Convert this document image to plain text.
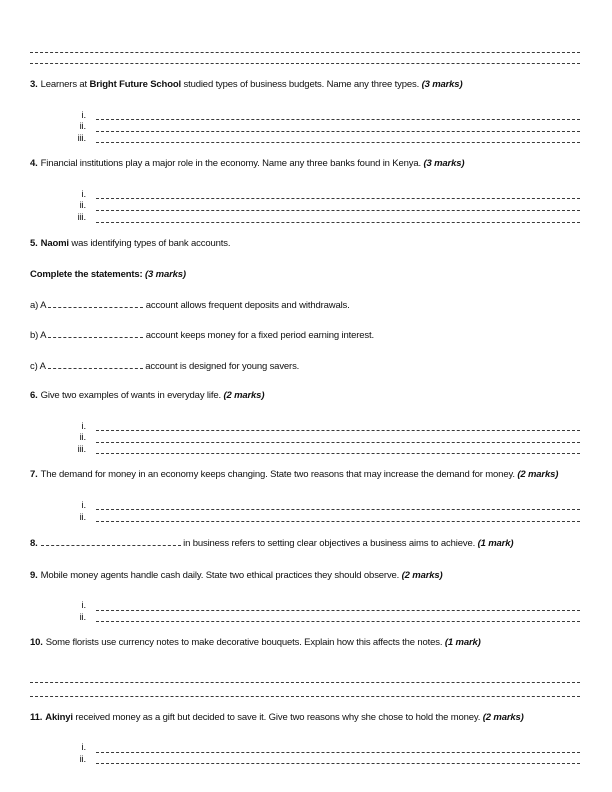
3. Learners at Bright Future School studied types of business budgets. Name any three types. (3 marks)

i.
ii.
iii.

4. Financial institutions play a major role in the economy. Name any three banks found in Kenya. (3 marks)

i.
ii.
iii.

5. Naomi was identifying types of bank accounts.

Complete the statements: (3 marks)

a) A	account allows frequent deposits and withdrawals.

b) A	account keeps money for a fixed period earning interest.

c) A	account is designed for young savers.

6. Give two examples of wants in everyday life. (2 marks)

i.
ii.
iii.

7. The demand for money in an economy keeps changing. State two reasons that may increase the demand for money. (2 marks)

i.
ii.

8.	in business refers to setting clear objectives a business aims to achieve. (1 mark)

9. Mobile money agents handle cash daily. State two ethical practices they should observe. (2 marks)

i.
ii.

10. Some florists use currency notes to make decorative bouquets. Explain how this affects the notes. (1 mark)

11. Akinyi received money as a gift but decided to save it. Give two reasons why she chose to hold the money. (2 marks)

i.
ii.
